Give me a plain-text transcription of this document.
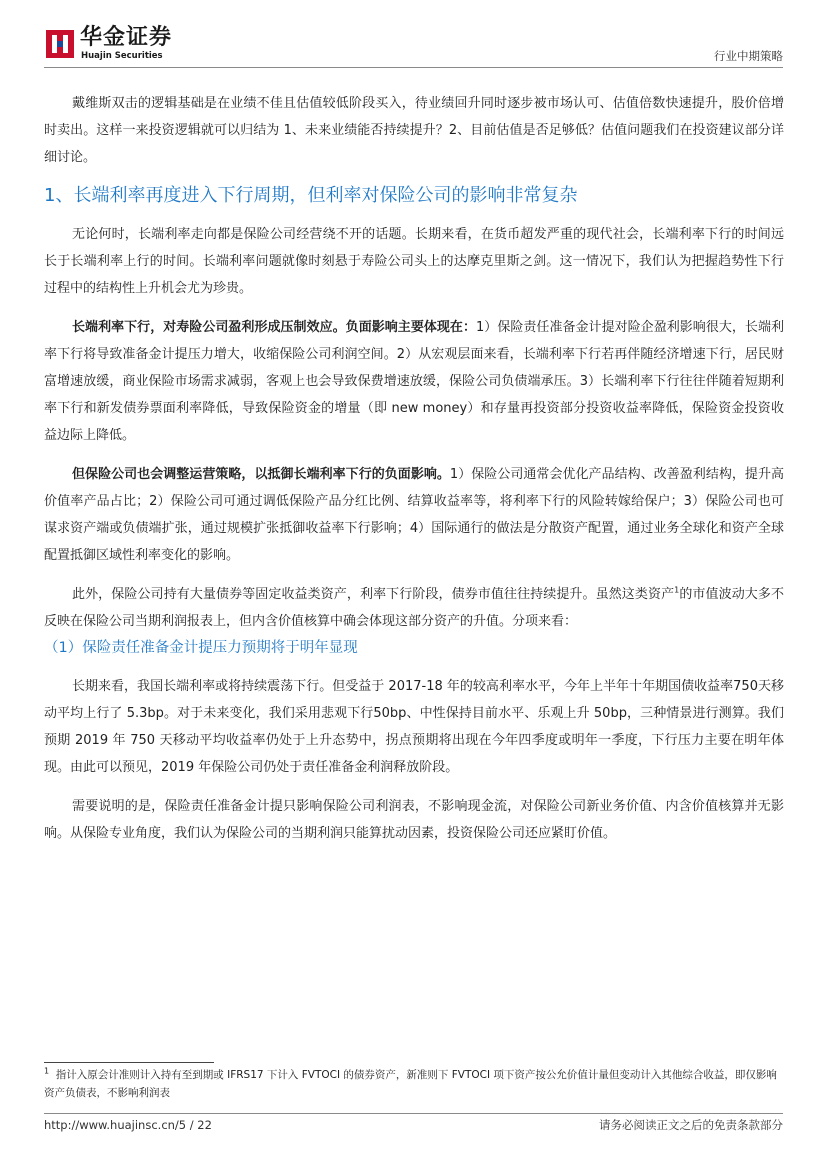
华金证券
Huajin Securities	行业中期策略

戴维斯双击的逻辑基础是在业绩不佳且估值较低阶段买入，待业绩回升同时逐步被市场认可、估值倍数快速提升，股价倍增时卖出。这样一来投资逻辑就可以归结为 1、未来业绩能否持续提升？2、目前估值是否足够低？估值问题我们在投资建议部分详细讨论。

1、长端利率再度进入下行周期，但利率对保险公司的影响非常复杂

无论何时，长端利率走向都是保险公司经营绕不开的话题。长期来看，在货币超发严重的现代社会，长端利率下行的时间远长于长端利率上行的时间。长端利率问题就像时刻悬于寿险公司头上的达摩克里斯之剑。这一情况下，我们认为把握趋势性下行过程中的结构性上升机会尤为珍贵。

长端利率下行，对寿险公司盈利形成压制效应。负面影响主要体现在：1）保险责任准备金计提对险企盈利影响很大，长端利率下行将导致准备金计提压力增大，收缩保险公司利润空间。2）从宏观层面来看，长端利率下行若再伴随经济增速下行，居民财富增速放缓，商业保险市场需求减弱，客观上也会导致保费增速放缓，保险公司负债端承压。3）长端利率下行往往伴随着短期利率下行和新发债券票面利率降低，导致保险资金的增量（即 new money）和存量再投资部分投资收益率降低，保险资金投资收益边际上降低。

但保险公司也会调整运营策略，以抵御长端利率下行的负面影响。1）保险公司通常会优化产品结构、改善盈利结构，提升高价值率产品占比；2）保险公司可通过调低保险产品分红比例、结算收益率等，将利率下行的风险转嫁给保户；3）保险公司也可谋求资产端或负债端扩张，通过规模扩张抵御收益率下行影响；4）国际通行的做法是分散资产配置，通过业务全球化和资产全球配置抵御区域性利率变化的影响。

此外，保险公司持有大量债券等固定收益类资产，利率下行阶段，债券市值往往持续提升。虽然这类资产$^1$的市值波动大多不反映在保险公司当期利润报表上，但内含价值核算中确会体现这部分资产的升值。分项来看：

（1）保险责任准备金计提压力预期将于明年显现

长期来看，我国长端利率或将持续震荡下行。但受益于 2017-18 年的较高利率水平，今年上半年十年期国债收益率750天移动平均上行了 5.3bp。对于未来变化，我们采用悲观下行50bp、中性保持目前水平、乐观上升 50bp，三种情景进行测算。我们预期 2019 年 750 天移动平均收益率仍处于上升态势中，拐点预期将出现在今年四季度或明年一季度，下行压力主要在明年体现。由此可以预见，2019 年保险公司仍处于责任准备金利润释放阶段。

需要说明的是，保险责任准备金计提只影响保险公司利润表，不影响现金流，对保险公司新业务价值、内含价值核算并无影响。从保险专业角度，我们认为保险公司的当期利润只能算扰动因素，投资保险公司还应紧盯价值。

$^1$ 指计入原会计准则计入持有至到期或 IFRS17 下计入 FVTOCI 的债券资产，新准则下 FVTOCI 项下资产按公允价值计量但变动计入其他综合收益，即仅影响资产负债表，不影响利润表

http://www.huajinsc.cn/5 / 22	请务必阅读正文之后的免责条款部分
